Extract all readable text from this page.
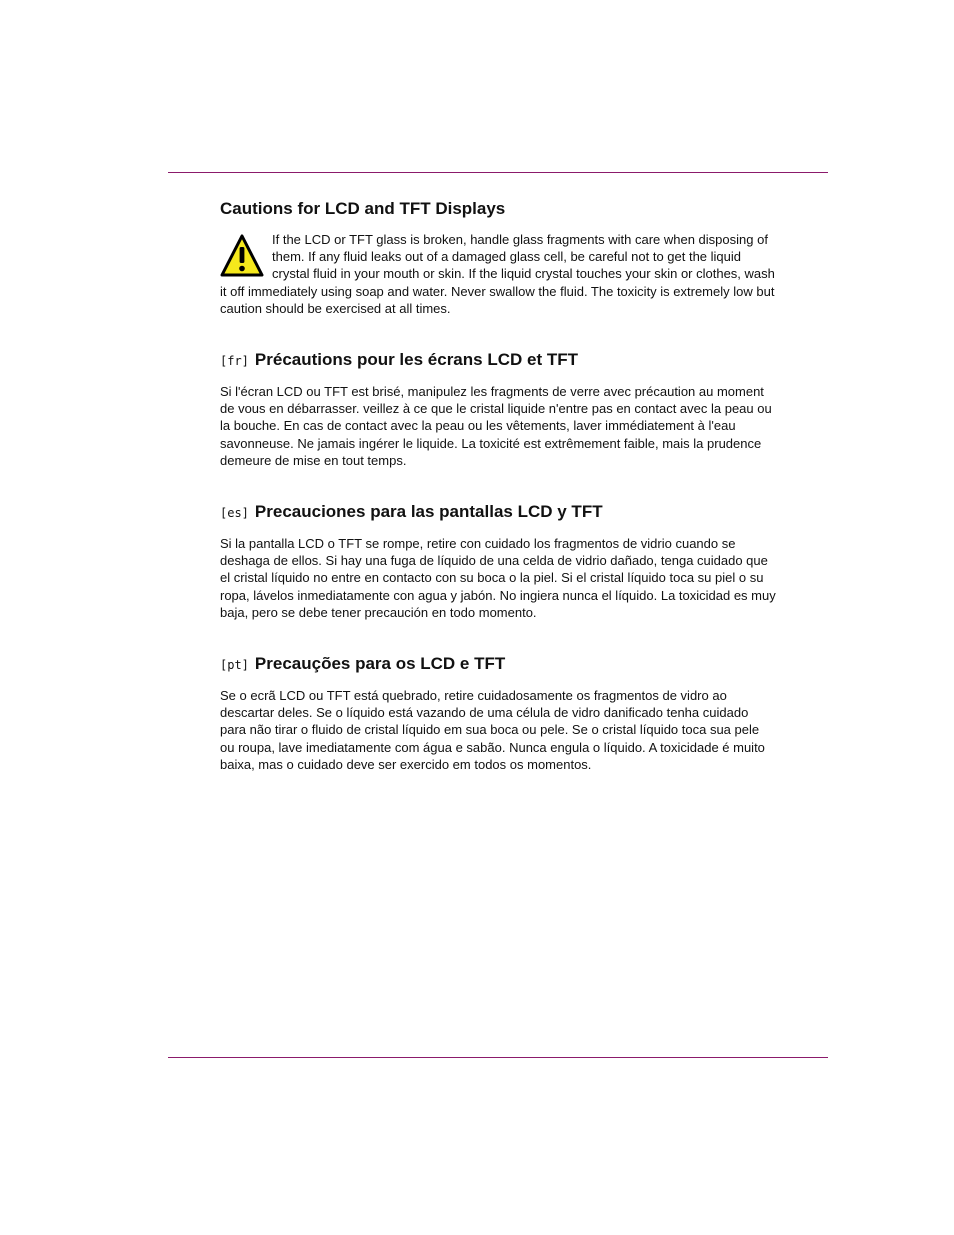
Cautions for LCD and TFT Displays

If the LCD or TFT glass is broken, handle glass fragments with care when disposing of them. If any fluid leaks out of a damaged glass cell, be careful not to get the liquid crystal fluid in your mouth or skin. If the liquid crystal touches your skin or clothes, wash it off immediately using soap and water. Never swallow the fluid. The toxicity is extremely low but caution should be exercised at all times.

[fr] Précautions pour les écrans LCD et TFT

Si l'écran LCD ou TFT est brisé, manipulez les fragments de verre avec précaution au moment de vous en débarrasser. veillez à ce que le cristal liquide n'entre pas en contact avec la peau ou la bouche. En cas de contact avec la peau ou les vêtements, laver immédiatement à l'eau savonneuse. Ne jamais ingérer le liquide. La toxicité est extrêmement faible, mais la prudence demeure de mise en tout temps.

[es] Precauciones para las pantallas LCD y TFT

Si la pantalla LCD o TFT se rompe, retire con cuidado los fragmentos de vidrio cuando se deshaga de ellos. Si hay una fuga de líquido de una celda de vidrio dañado, tenga cuidado que el cristal líquido no entre en contacto con su boca o la piel. Si el cristal líquido toca su piel o su ropa, lávelos inmediatamente con agua y jabón. No ingiera nunca el líquido. La toxicidad es muy baja, pero se debe tener precaución en todo momento.

[pt] Precauções para os LCD e TFT

Se o ecrã LCD ou TFT está quebrado, retire cuidadosamente os fragmentos de vidro ao descartar deles. Se o líquido está vazando de uma célula de vidro danificado tenha cuidado para não tirar o fluido de cristal líquido em sua boca ou pele. Se o cristal líquido toca sua pele ou roupa, lave imediatamente com água e sabão. Nunca engula o líquido. A toxicidade é muito baixa, mas o cuidado deve ser exercido em todos os momentos.
